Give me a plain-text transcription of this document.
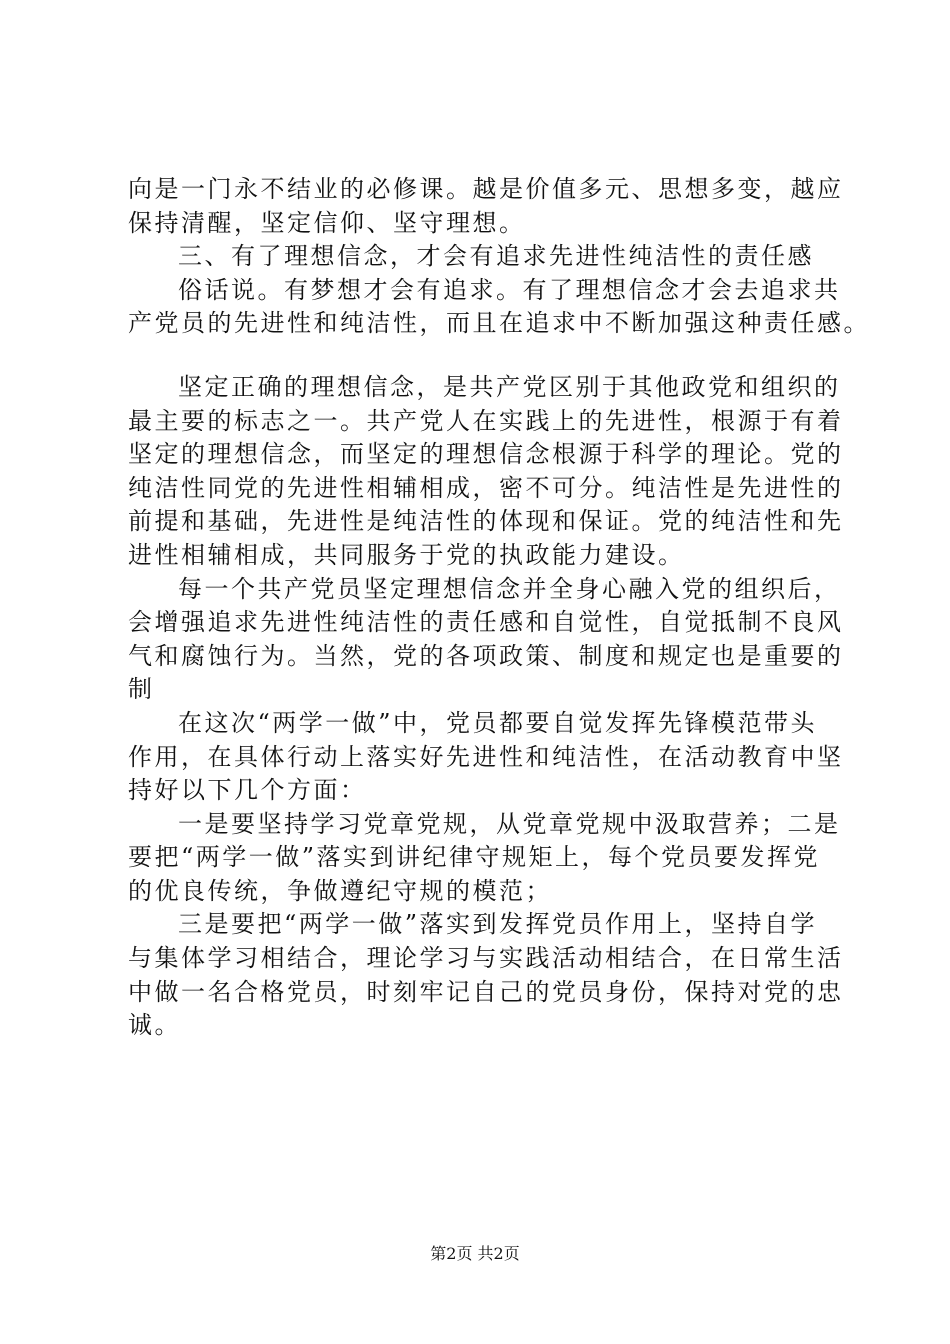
向是一门永不结业的必修课。越是价值多元、思想多变，越应
保持清醒，坚定信仰、坚守理想。
三、有了理想信念，才会有追求先进性纯洁性的责任感
俗话说。有梦想才会有追求。有了理想信念才会去追求共
产党员的先进性和纯洁性，而且在追求中不断加强这种责任感。
坚定正确的理想信念，是共产党区别于其他政党和组织的
最主要的标志之一。共产党人在实践上的先进性，根源于有着
坚定的理想信念，而坚定的理想信念根源于科学的理论。党的
纯洁性同党的先进性相辅相成，密不可分。纯洁性是先进性的
前提和基础，先进性是纯洁性的体现和保证。党的纯洁性和先
进性相辅相成，共同服务于党的执政能力建设。
每一个共产党员坚定理想信念并全身心融入党的组织后，
会增强追求先进性纯洁性的责任感和自觉性，自觉抵制不良风
气和腐蚀行为。当然，党的各项政策、制度和规定也是重要的
制
在这次“两学一做”中，党员都要自觉发挥先锋模范带头
作用，在具体行动上落实好先进性和纯洁性，在活动教育中坚
持好以下几个方面：
一是要坚持学习党章党规，从党章党规中汲取营养；二是
要把“两学一做”落实到讲纪律守规矩上，每个党员要发挥党
的优良传统，争做遵纪守规的模范；
三是要把“两学一做”落实到发挥党员作用上，坚持自学
与集体学习相结合，理论学习与实践活动相结合，在日常生活
中做一名合格党员，时刻牢记自己的党员身份，保持对党的忠
诚。
第2页 共2页
